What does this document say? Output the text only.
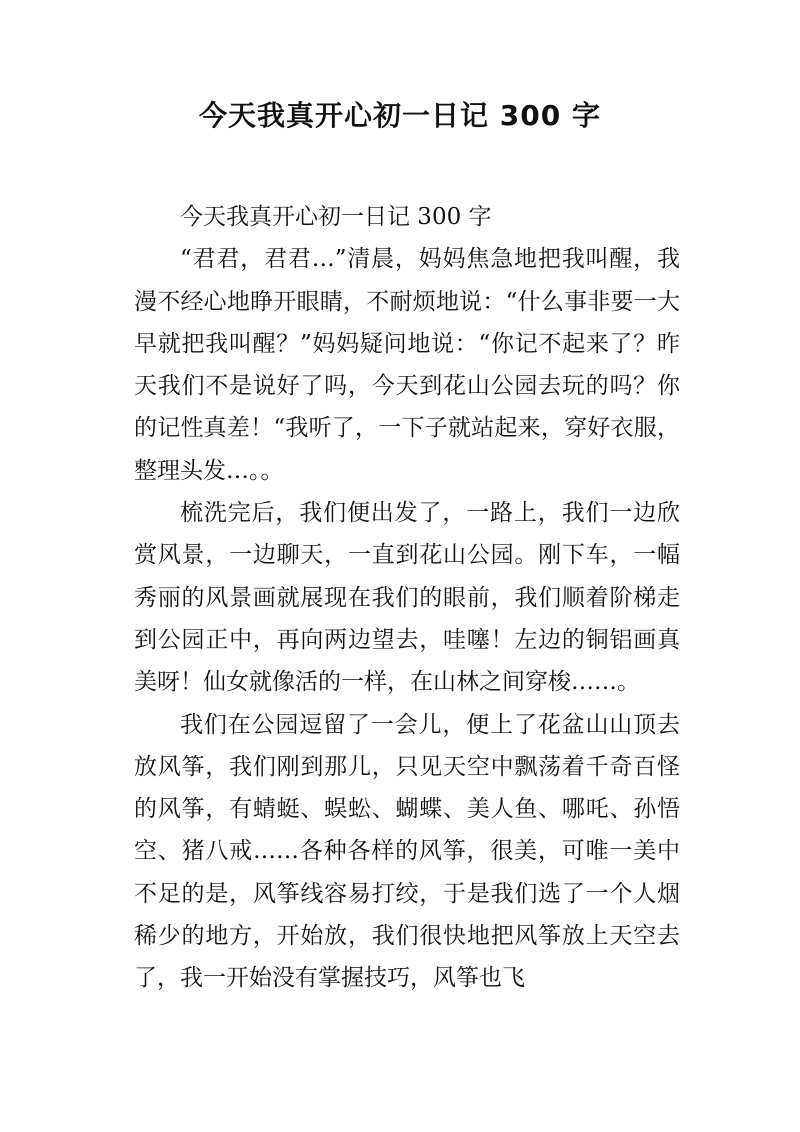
今天我真开心初一日记 300 字

今天我真开心初一日记 300 字

“君君，君君…”清晨，妈妈焦急地把我叫醒，我漫不经心地睁开眼睛，不耐烦地说：“什么事非要一大早就把我叫醒？”妈妈疑问地说：“你记不起来了？昨天我们不是说好了吗，今天到花山公园去玩的吗？你的记性真差！“我听了，一下子就站起来，穿好衣服，整理头发…。。

梳洗完后，我们便出发了，一路上，我们一边欣赏风景，一边聊天，一直到花山公园。刚下车，一幅秀丽的风景画就展现在我们的眼前，我们顺着阶梯走到公园正中，再向两边望去，哇噻！左边的铜铝画真美呀！仙女就像活的一样，在山林之间穿梭……。

我们在公园逗留了一会儿，便上了花盆山山顶去放风筝，我们刚到那儿，只见天空中飘荡着千奇百怪的风筝，有蜻蜓、蜈蚣、蝴蝶、美人鱼、哪吒、孙悟空、猪八戒……各种各样的风筝，很美，可唯一美中不足的是，风筝线容易打绞，于是我们选了一个人烟稀少的地方，开始放，我们很快地把风筝放上天空去了，我一开始没有掌握技巧，风筝也飞
